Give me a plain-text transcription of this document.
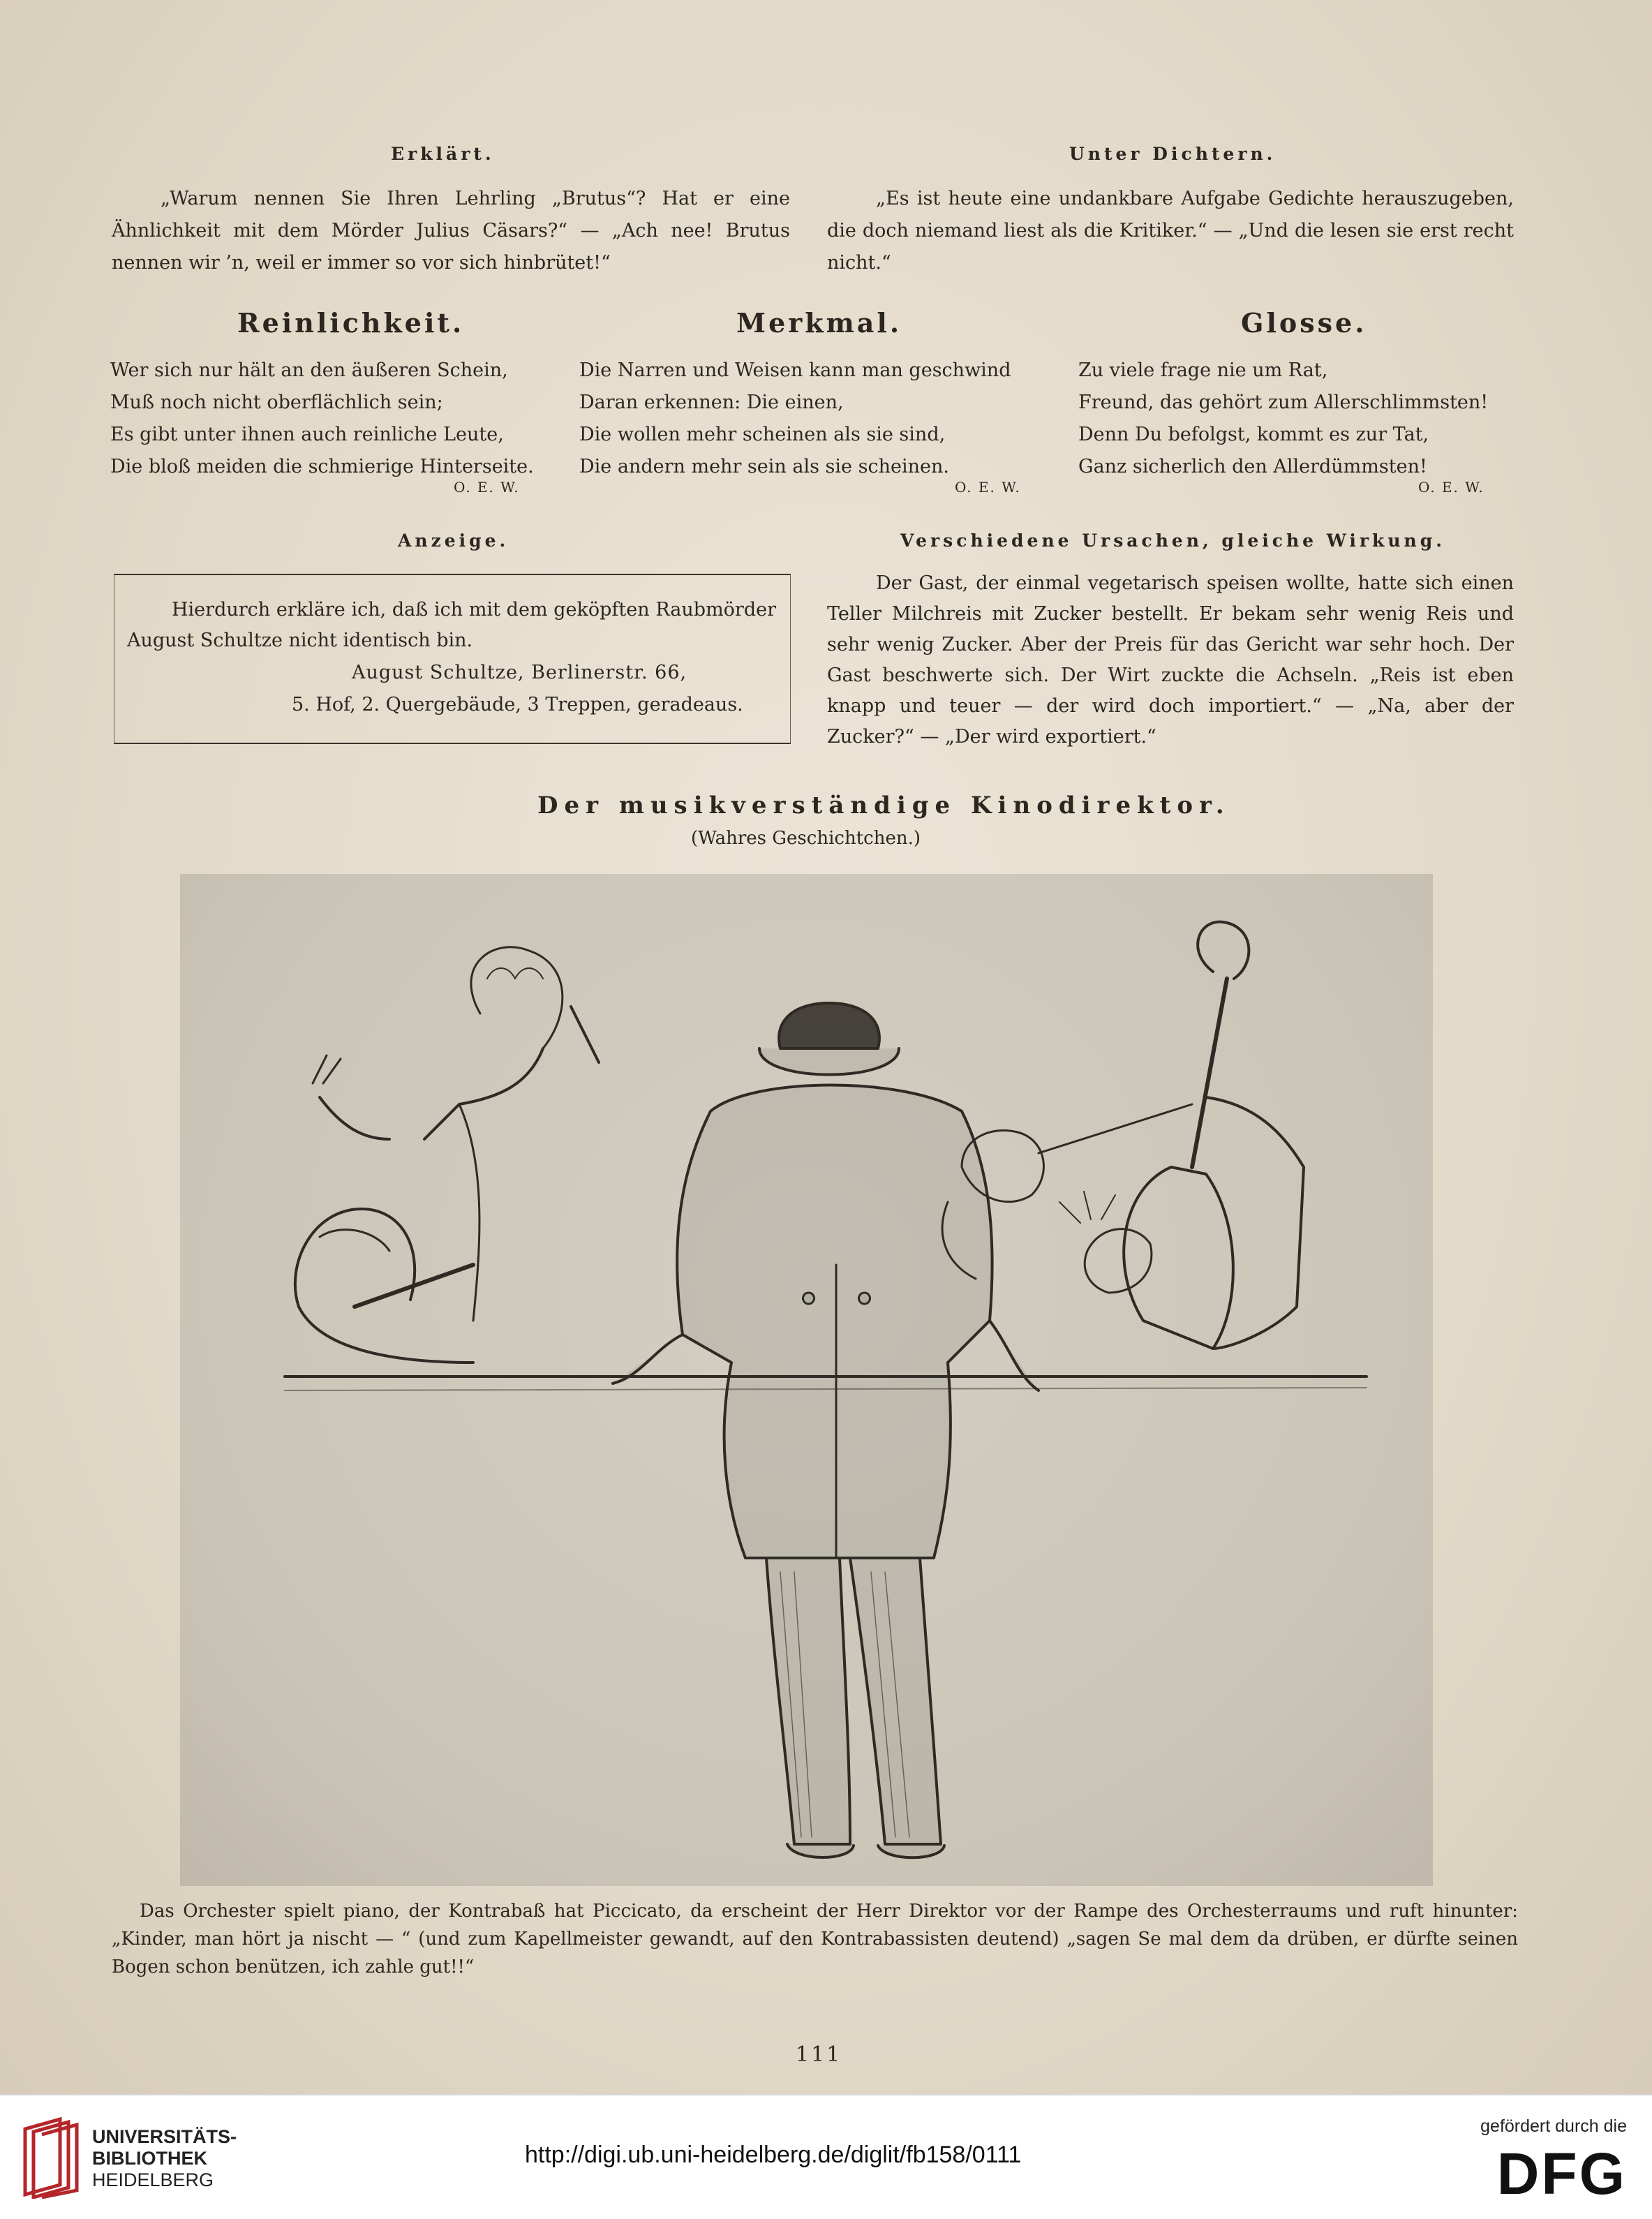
Erklärt.

„Warum nennen Sie Ihren Lehrling „Brutus“? Hat er eine Ähnlichkeit mit dem Mörder Julius Cäsars?“ — „Ach nee! Brutus nennen wir ’n, weil er immer so vor sich hinbrütet!“

Unter Dichtern.

„Es ist heute eine undankbare Aufgabe Gedichte herauszugeben, die doch niemand liest als die Kritiker.“ — „Und die lesen sie erst recht nicht.“

Reinlichkeit.
Wer sich nur hält an den äußeren Schein,
Muß noch nicht oberflächlich sein;
Es gibt unter ihnen auch reinliche Leute,
Die bloß meiden die schmierige Hinterseite.
O. E. W.
Merkmal.
Die Narren und Weisen kann man geschwind
Daran erkennen: Die einen,
Die wollen mehr scheinen als sie sind,
Die andern mehr sein als sie scheinen.
O. E. W.
Glosse.
Zu viele frage nie um Rat,
Freund, das gehört zum Allerschlimmsten!
Denn Du befolgst, kommt es zur Tat,
Ganz sicherlich den Allerdümmsten!
O. E. W.
Anzeige.

Hierdurch erkläre ich, daß ich mit dem geköpften Raubmörder August Schultze nicht identisch bin.

August Schultze, Berlinerstr. 66,
5. Hof, 2. Quergebäude, 3 Treppen, geradeaus.
Verschiedene Ursachen, gleiche Wirkung.

Der Gast, der einmal vegetarisch speisen wollte, hatte sich einen Teller Milchreis mit Zucker bestellt. Er bekam sehr wenig Reis und sehr wenig Zucker. Aber der Preis für das Gericht war sehr hoch. Der Gast beschwerte sich. Der Wirt zuckte die Achseln. „Reis ist eben knapp und teuer — der wird doch importiert.“ — „Na, aber der Zucker?“ — „Der wird exportiert.“

Der musikverständige Kinodirektor.
(Wahres Geschichtchen.)

Das Orchester spielt piano, der Kontrabaß hat Piccicato, da erscheint der Herr Direktor vor der Rampe des Orchesterraums und ruft hinunter: „Kinder, man hört ja nischt — “ (und zum Kapellmeister gewandt, auf den Kontrabassisten deutend) „sagen Se mal dem da drüben, er dürfte seinen Bogen schon benützen, ich zahle gut!!“

111
UNIVERSITÄTS-
BIBLIOTHEK
HEIDELBERG
http://digi.ub.uni-heidelberg.de/diglit/fb158/0111
gefördert durch die
DFG
